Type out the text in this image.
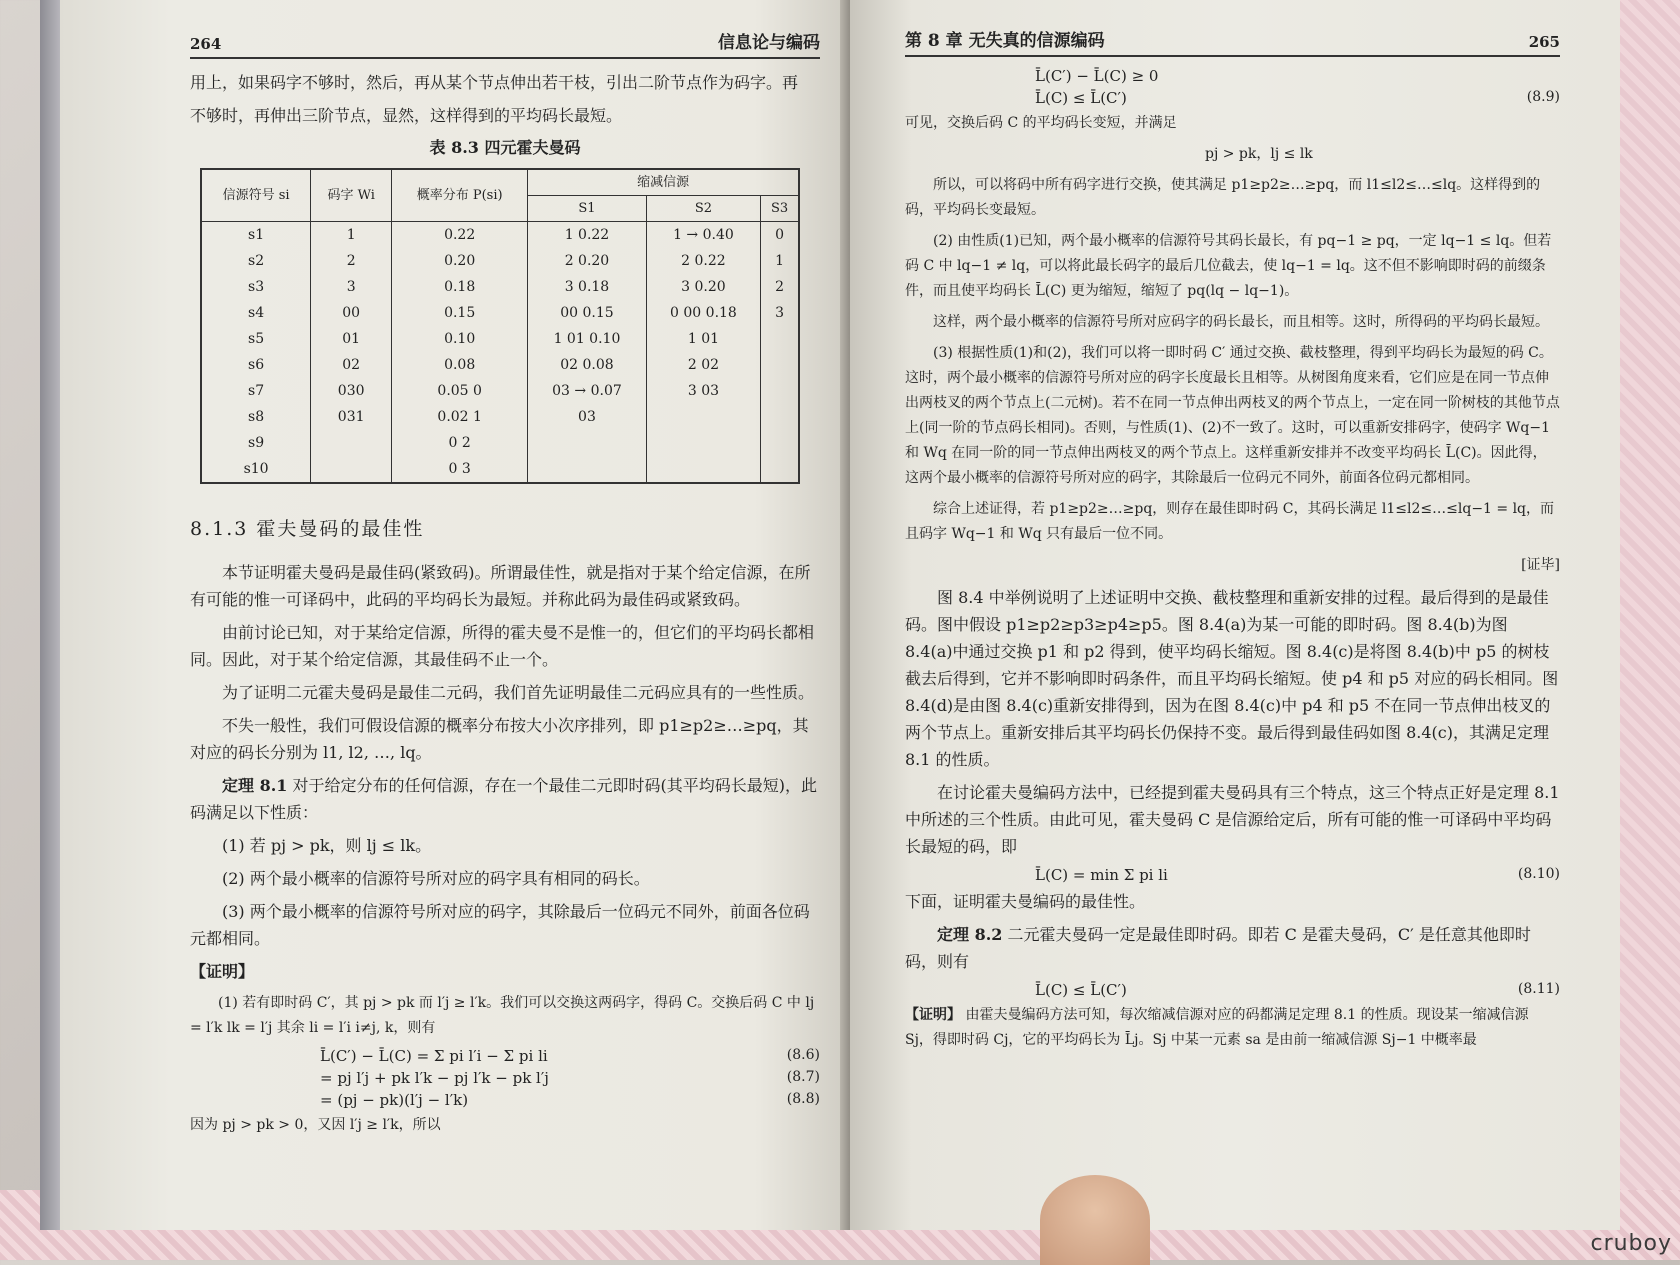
264	信息论与编码

用上，如果码字不够时，然后，再从某个节点伸出若干枝，引出二阶节点作为码字。再

不够时，再伸出三阶节点，显然，这样得到的平均码长最短。

表 8.3 四元霍夫曼码
信源符号 si	码字 Wi	概率分布 P(si)	缩减信源		
			S1	S2	S3
s1	1	0.22	1 0.22	1 → 0.40	0
s2	2	0.20	2 0.20	2 0.22	1
s3	3	0.18	3 0.18	3 0.20	2
s4	00	0.15	00 0.15	0 00 0.18	3
s5	01	0.10	1 01 0.10	1 01	
s6	02	0.08	02 0.08	2 02	
s7	030	0.05 0	03 → 0.07	3 03	
s8	031	0.02 1	03		
s9		0 2			
s10		0 3			
8.1.3 霍夫曼码的最佳性

本节证明霍夫曼码是最佳码(紧致码)。所谓最佳性，就是指对于某个给定信源，在所有可能的惟一可译码中，此码的平均码长为最短。并称此码为最佳码或紧致码。

由前讨论已知，对于某给定信源，所得的霍夫曼不是惟一的，但它们的平均码长都相同。因此，对于某个给定信源，其最佳码不止一个。

为了证明二元霍夫曼码是最佳二元码，我们首先证明最佳二元码应具有的一些性质。

不失一般性，我们可假设信源的概率分布按大小次序排列，即 p1≥p2≥…≥pq，其对应的码长分别为 l1, l2, …, lq。

定理 8.1 对于给定分布的任何信源，存在一个最佳二元即时码(其平均码长最短)，此码满足以下性质：

(1) 若 pj > pk，则 lj ≤ lk。

(2) 两个最小概率的信源符号所对应的码字具有相同的码长。

(3) 两个最小概率的信源符号所对应的码字，其除最后一位码元不同外，前面各位码元都相同。

【证明】

(1) 若有即时码 C′，其 pj > pk 而 l′j ≥ l′k。我们可以交换这两码字，得码 C。交换后码 C 中 lj = l′k lk = l′j 其余 li = l′i i≠j, k，则有

L̄(C′) − L̄(C) = Σ pi l′i − Σ pi li	(8.6)
= pj l′j + pk l′k − pj l′k − pk l′j	(8.7)
= (pj − pk)(l′j − l′k)	(8.8)

因为 pj > pk > 0，又因 l′j ≥ l′k，所以

第 8 章 无失真的信源编码	265
L̄(C′) − L̄(C) ≥ 0
L̄(C) ≤ L̄(C′)	(8.9)

可见，交换后码 C 的平均码长变短，并满足

pj > pk，lj ≤ lk

所以，可以将码中所有码字进行交换，使其满足 p1≥p2≥…≥pq，而 l1≤l2≤…≤lq。这样得到的码，平均码长变最短。

(2) 由性质(1)已知，两个最小概率的信源符号其码长最长，有 pq−1 ≥ pq，一定 lq−1 ≤ lq。但若码 C 中 lq−1 ≠ lq，可以将此最长码字的最后几位截去，使 lq−1 = lq。这不但不影响即时码的前缀条件，而且使平均码长 L̄(C) 更为缩短，缩短了 pq(lq − lq−1)。

这样，两个最小概率的信源符号所对应码字的码长最长，而且相等。这时，所得码的平均码长最短。

(3) 根据性质(1)和(2)，我们可以将一即时码 C′ 通过交换、截枝整理，得到平均码长为最短的码 C。这时，两个最小概率的信源符号所对应的码字长度最长且相等。从树图角度来看，它们应是在同一节点伸出两枝叉的两个节点上(二元树)。若不在同一节点伸出两枝叉的两个节点上，一定在同一阶树枝的其他节点上(同一阶的节点码长相同)。否则，与性质(1)、(2)不一致了。这时，可以重新安排码字，使码字 Wq−1 和 Wq 在同一阶的同一节点伸出两枝叉的两个节点上。这样重新安排并不改变平均码长 L̄(C)。因此得，这两个最小概率的信源符号所对应的码字，其除最后一位码元不同外，前面各位码元都相同。

综合上述证得，若 p1≥p2≥…≥pq，则存在最佳即时码 C，其码长满足 l1≤l2≤…≤lq−1 = lq，而且码字 Wq−1 和 Wq 只有最后一位不同。

[证毕]

图 8.4 中举例说明了上述证明中交换、截枝整理和重新安排的过程。最后得到的是最佳码。图中假设 p1≥p2≥p3≥p4≥p5。图 8.4(a)为某一可能的即时码。图 8.4(b)为图 8.4(a)中通过交换 p1 和 p2 得到，使平均码长缩短。图 8.4(c)是将图 8.4(b)中 p5 的树枝截去后得到，它并不影响即时码条件，而且平均码长缩短。使 p4 和 p5 对应的码长相同。图 8.4(d)是由图 8.4(c)重新安排得到，因为在图 8.4(c)中 p4 和 p5 不在同一节点伸出枝叉的两个节点上。重新安排后其平均码长仍保持不变。最后得到最佳码如图 8.4(c)，其满足定理 8.1 的性质。

在讨论霍夫曼编码方法中，已经提到霍夫曼码具有三个特点，这三个特点正好是定理 8.1 中所述的三个性质。由此可见，霍夫曼码 C 是信源给定后，所有可能的惟一可译码中平均码长最短的码，即

L̄(C) = min Σ pi li	(8.10)

下面，证明霍夫曼编码的最佳性。

定理 8.2 二元霍夫曼码一定是最佳即时码。即若 C 是霍夫曼码，C′ 是任意其他即时码，则有

L̄(C) ≤ L̄(C′)	(8.11)

【证明】 由霍夫曼编码方法可知，每次缩减信源对应的码都满足定理 8.1 的性质。现设某一缩减信源 Sj，得即时码 Cj，它的平均码长为 L̄j。Sj 中某一元素 sa 是由前一缩减信源 Sj−1 中概率最

cruboy
